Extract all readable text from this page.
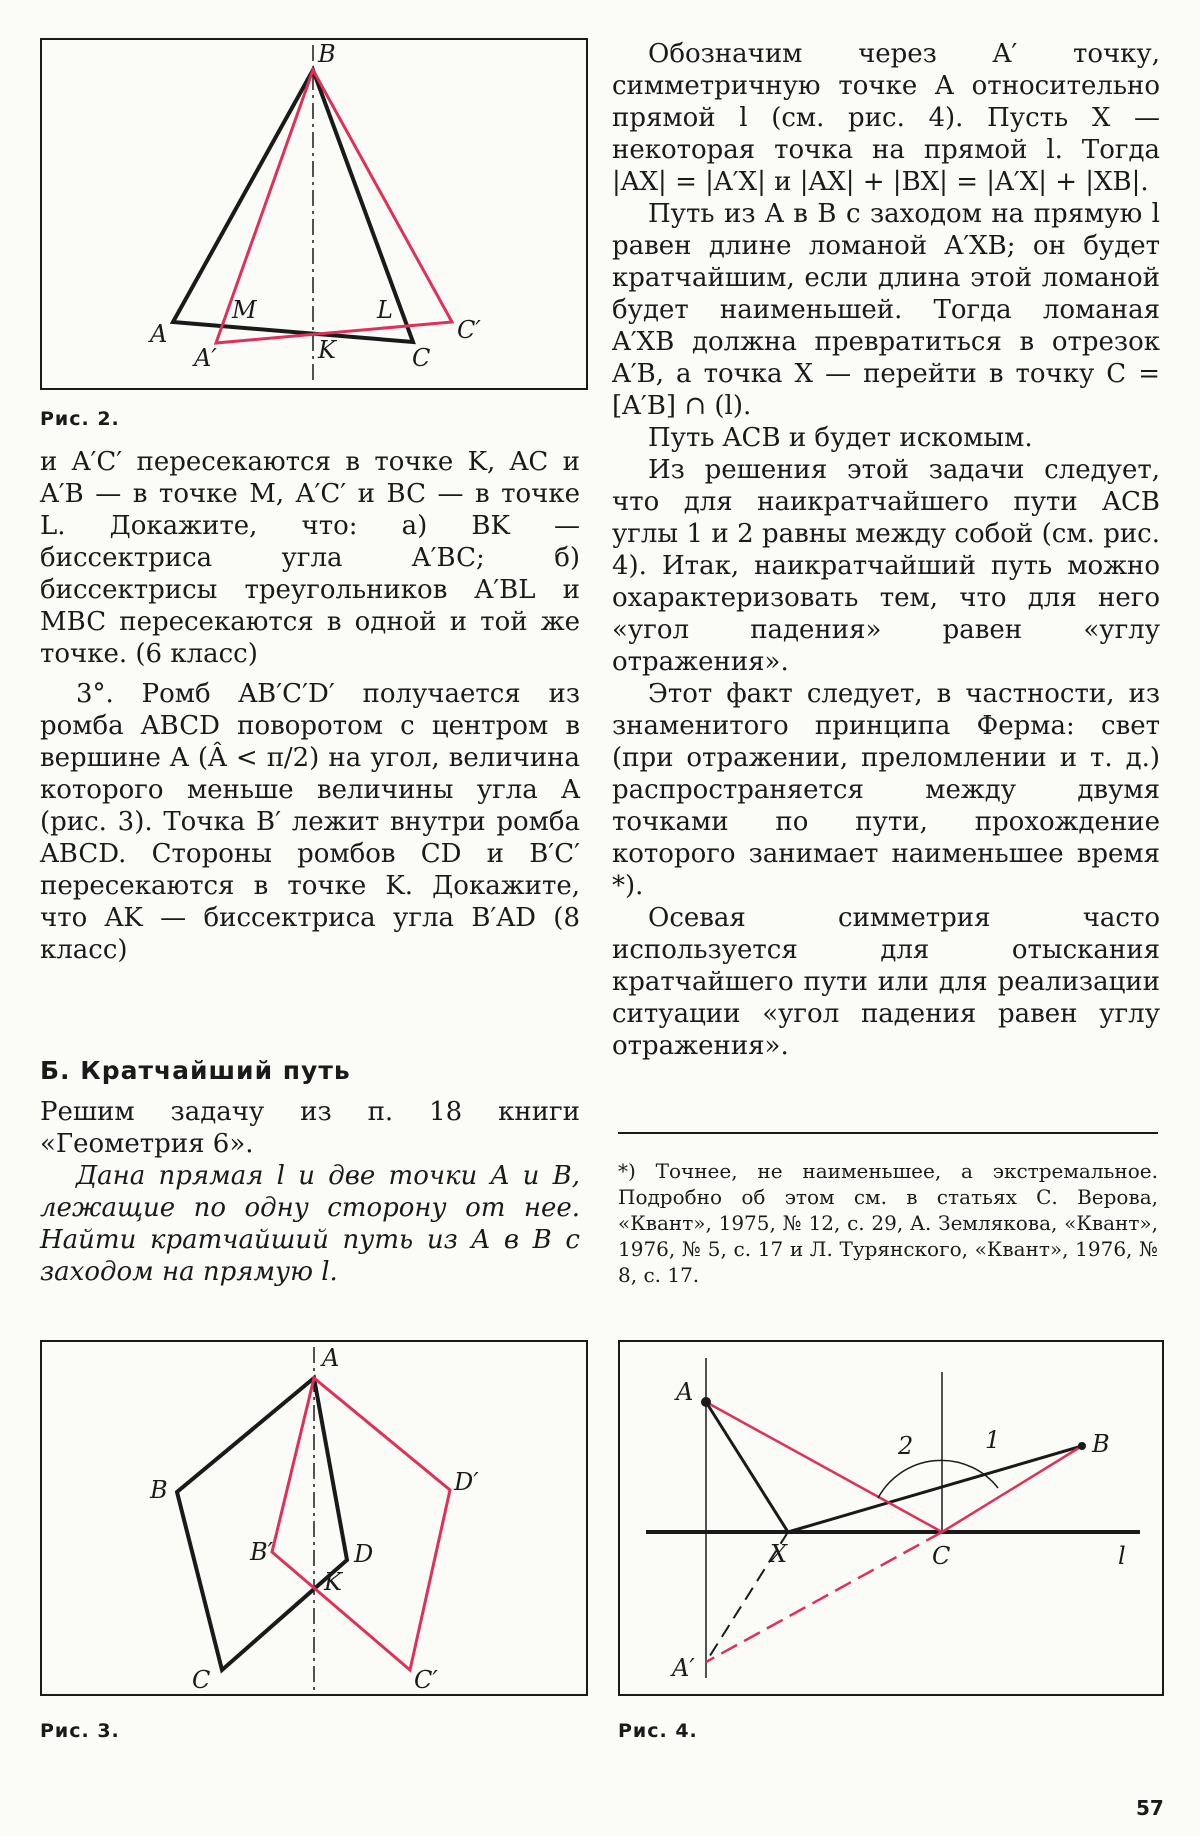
B
A
A′
M
K
L
C
C′
Рис. 2.

и A′C′ пересекаются в точке K, AC и A′B — в точке M, A′C′ и BC — в точке L. Докажите, что: а) BK — биссектриса угла A′BC; б) биссектрисы треугольников A′BL и MBC пересекаются в одной и той же точке. (6 класс)

3°. Ромб AB′C′D′ получается из ромба ABCD поворотом с центром в вершине A (Â < π/2) на угол, величина которого меньше величины угла A (рис. 3). Точка B′ лежит внутри ромба ABCD. Стороны ромбов CD и B′C′ пересекаются в точке K. Докажите, что AK — биссектриса угла B′AD (8 класс)

Б. Кратчайший путь

Решим задачу из п. 18 книги «Геометрия 6».

Дана прямая l и две точки A и B, лежащие по одну сторону от нее. Найти кратчайший путь из A в B с заходом на прямую l.

Обозначим через A′ точку, симметричную точке A относительно прямой l (см. рис. 4). Пусть X — некоторая точка на прямой l. Тогда |AX| = |A′X| и |AX| + |BX| = |A′X| + |XB|.

Путь из A в B с заходом на прямую l равен длине ломаной A′XB; он будет кратчайшим, если длина этой ломаной будет наименьшей. Тогда ломаная A′XB должна превратиться в отрезок A′B, а точка X — перейти в точку C = [A′B] ∩ (l).

Путь ACB и будет искомым.

Из решения этой задачи следует, что для наикратчайшего пути ACB углы 1 и 2 равны между собой (см. рис. 4). Итак, наикратчайший путь можно охарактеризовать тем, что для него «угол падения» равен «углу отражения».

Этот факт следует, в частности, из знаменитого принципа Ферма: свет (при отражении, преломлении и т. д.) распространяется между двумя точками по пути, прохождение которого занимает наименьшее время *).

Осевая симметрия часто используется для отыскания кратчайшего пути или для реализации ситуации «угол падения равен углу отражения».

*) Точнее, не наименьшее, а экстремальное. Подробно об этом см. в статьях С. Верова, «Квант», 1975, № 12, с. 29, А. Землякова, «Квант», 1976, № 5, с. 17 и Л. Турянского, «Квант», 1976, № 8, с. 17.
A
B
B′	D
D′
K
C	C′
Рис. 3.
A
B
A′
X	C	l
1
2
Рис. 4.
57
